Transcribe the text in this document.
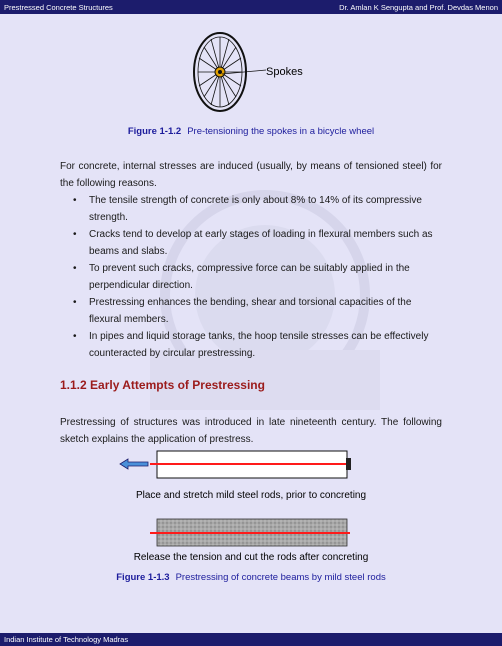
Prestressed Concrete Structures	Dr. Amlan K Sengupta and Prof. Devdas Menon
Spokes
Figure 1-1.2 Pre-tensioning the spokes in a bicycle wheel

For concrete, internal stresses are induced (usually, by means of tensioned steel) for the following reasons.

• The tensile strength of concrete is only about 8% to 14% of its compressive strength.
• Cracks tend to develop at early stages of loading in flexural members such as beams and slabs.
• To prevent such cracks, compressive force can be suitably applied in the perpendicular direction.
• Prestressing enhances the bending, shear and torsional capacities of the flexural members.
• In pipes and liquid storage tanks, the hoop tensile stresses can be effectively counteracted by circular prestressing.
1.1.2 Early Attempts of Prestressing

Prestressing of structures was introduced in late nineteenth century. The following sketch explains the application of prestress.

Place and stretch mild steel rods, prior to concreting
Release the tension and cut the rods after concreting
Figure 1-1.3 Prestressing of concrete beams by mild steel rods
Indian Institute of Technology Madras
